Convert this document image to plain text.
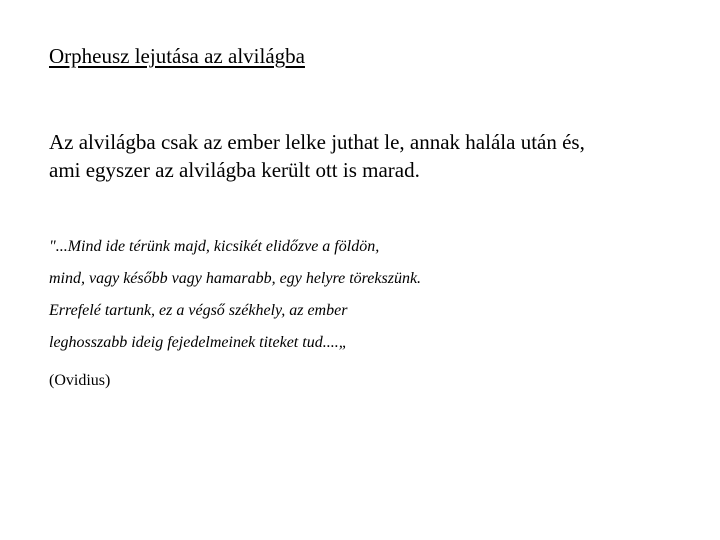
Orpheusz lejutása az alvilágba

Az alvilágba csak az ember lelke juthat le, annak halála után és,

ami egyszer az alvilágba került ott is marad.

"...Mind ide térünk majd, kicsikét elidőzve a földön,
mind, vagy később vagy hamarabb, egy helyre törekszünk.
Errefelé tartunk, ez a végső székhely, az ember
leghosszabb ideig fejedelmeinek titeket tud....„
(Ovidius)
